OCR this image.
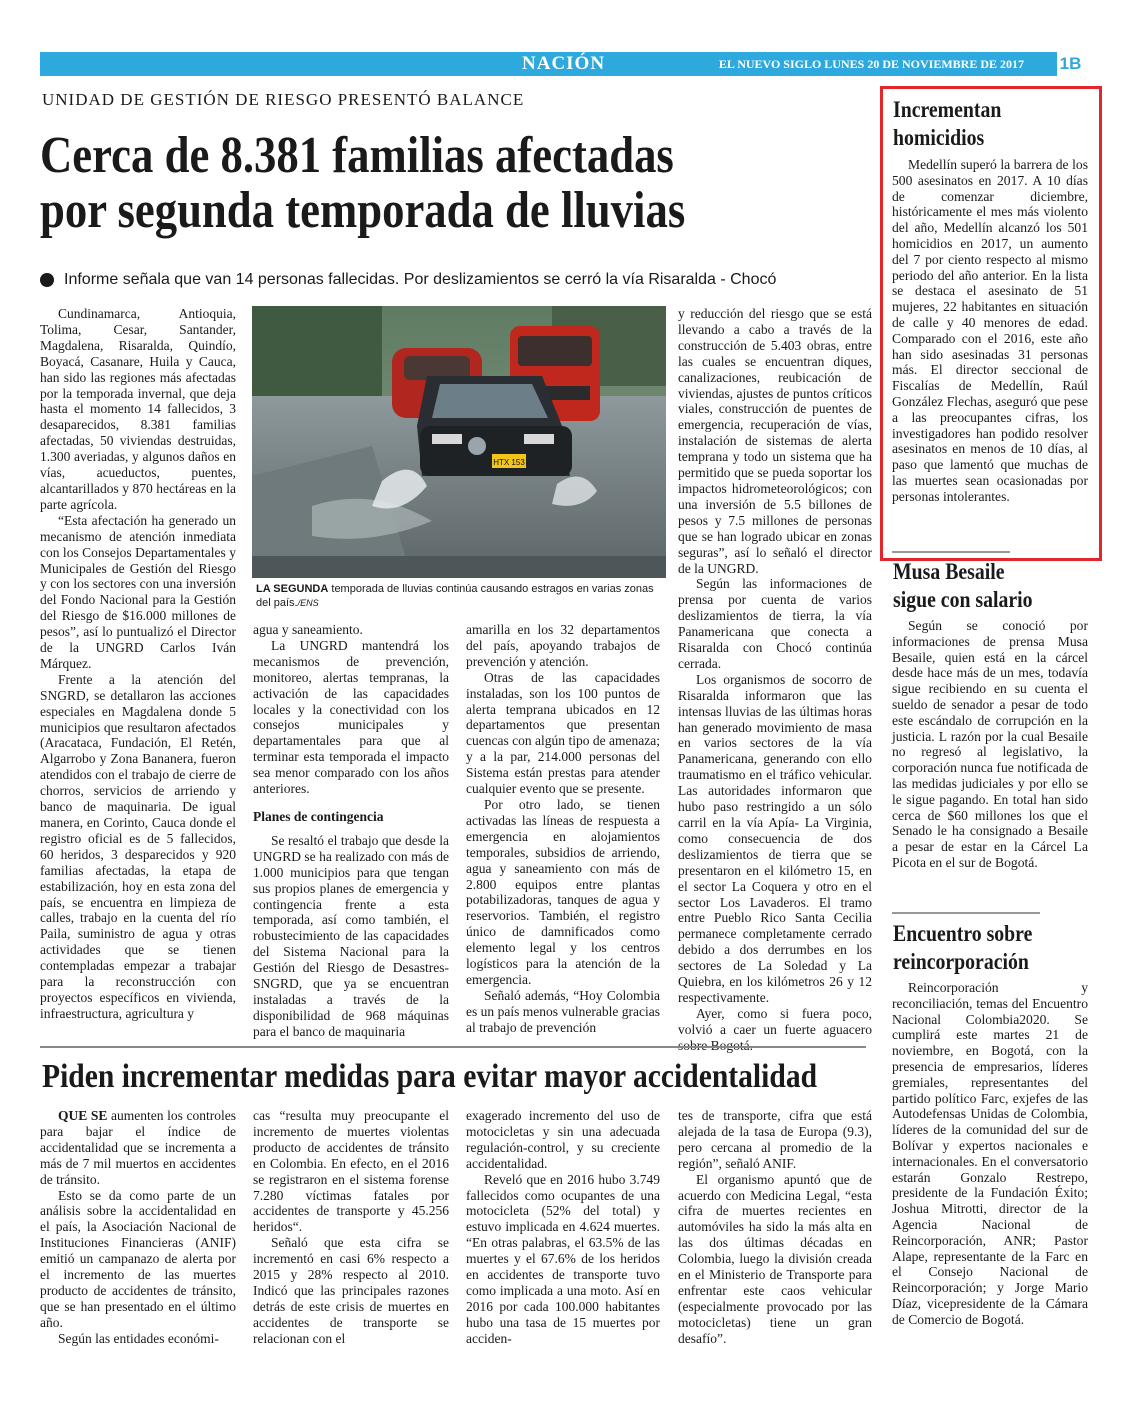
NACIÓN	EL NUEVO SIGLO LUNES 20 DE NOVIEMBRE DE 2017 1B
UNIDAD DE GESTIÓN DE RIESGO PRESENTÓ BALANCE
Cerca de 8.381 familias afectadas
por segunda temporada de lluvias
Informe señala que van 14 personas fallecidas. Por deslizamientos se cerró la vía Risaralda - Chocó

Cundinamarca, Antioquia, Tolima, Cesar, Santander, Magdalena, Risaralda, Quindío, Boyacá, Casanare, Huila y Cauca, han sido las regiones más afectadas por la temporada invernal, que deja hasta el momento 14 fallecidos, 3 desaparecidos, 8.381 familias afectadas, 50 viviendas destruidas, 1.300 averiadas, y algunos daños en vías, acueductos, puentes, alcantarillados y 870 hectáreas en la parte agrícola.

“Esta afectación ha generado un mecanismo de atención inmediata con los Consejos Departamentales y Municipales de Gestión del Riesgo y con los sectores con una inversión del Fondo Nacional para la Gestión del Riesgo de $16.000 millones de pesos”, así lo puntualizó el Director de la UNGRD Carlos Iván Márquez.

Frente a la atención del SNGRD, se detallaron las acciones especiales en Magdalena donde 5 municipios que resultaron afectados (Aracataca, Fundación, El Retén, Algarrobo y Zona Bananera, fueron atendidos con el trabajo de cierre de chorros, servicios de arriendo y banco de maquinaria. De igual manera, en Corinto, Cauca donde el registro oficial es de 5 fallecidos, 60 heridos, 3 desparecidos y 920 familias afectadas, la etapa de estabilización, hoy en esta zona del país, se encuentra en limpieza de calles, trabajo en la cuenta del río Paila, suministro de agua y otras actividades que se tienen contempladas empezar a trabajar para la reconstrucción con proyectos específicos en vivienda, infraestructura, agricultura y

HTX 153
LA SEGUNDA temporada de lluvias continúa causando estragos en varias zonas del país./ENS

agua y saneamiento.

La UNGRD mantendrá los mecanismos de prevención, monitoreo, alertas tempranas, la activación de las capacidades locales y la conectividad con los consejos municipales y departamentales para que al terminar esta temporada el impacto sea menor comparado con los años anteriores.

Planes de contingencia

Se resaltó el trabajo que desde la UNGRD se ha realizado con más de 1.000 municipios para que tengan sus propios planes de emergencia y contingencia frente a esta temporada, así como también, el robustecimiento de las capacidades del Sistema Nacional para la Gestión del Riesgo de Desastres- SNGRD, que ya se encuentran instaladas a través de la disponibilidad de 968 máquinas para el banco de maquinaria

amarilla en los 32 departamentos del país, apoyando trabajos de prevención y atención.

Otras de las capacidades instaladas, son los 100 puntos de alerta temprana ubicados en 12 departamentos que presentan cuencas con algún tipo de amenaza; y a la par, 214.000 personas del Sistema están prestas para atender cualquier evento que se presente.

Por otro lado, se tienen activadas las líneas de respuesta a emergencia en alojamientos temporales, subsidios de arriendo, agua y saneamiento con más de 2.800 equipos entre plantas potabilizadoras, tanques de agua y reservorios. También, el registro único de damnificados como elemento legal y los centros logísticos para la atención de la emergencia.

Señaló además, “Hoy Colombia es un país menos vulnerable gracias al trabajo de prevención

y reducción del riesgo que se está llevando a cabo a través de la construcción de 5.403 obras, entre las cuales se encuentran diques, canalizaciones, reubicación de viviendas, ajustes de puntos críticos viales, construcción de puentes de emergencia, recuperación de vías, instalación de sistemas de alerta temprana y todo un sistema que ha permitido que se pueda soportar los impactos hidrometeorológicos; con una inversión de 5.5 billones de pesos y 7.5 millones de personas que se han logrado ubicar en zonas seguras”, así lo señaló el director de la UNGRD.

Según las informaciones de prensa por cuenta de varios deslizamientos de tierra, la vía Panamericana que conecta a Risaralda con Chocó continúa cerrada.

Los organismos de socorro de Risaralda informaron que las intensas lluvias de las últimas horas han generado movimiento de masa en varios sectores de la vía Panamericana, generando con ello traumatismo en el tráfico vehicular. Las autoridades informaron que hubo paso restringido a un sólo carril en la vía Apía- La Virginia, como consecuencia de dos deslizamientos de tierra que se presentaron en el kilómetro 15, en el sector La Coquera y otro en el sector Los Lavaderos. El tramo entre Pueblo Rico Santa Cecilia permanece completamente cerrado debido a dos derrumbes en los sectores de La Soledad y La Quiebra, en los kilómetros 26 y 12 respectivamente.

Ayer, como si fuera poco, volvió a caer un fuerte aguacero

Piden incrementar medidas para evitar mayor accidentalidad

QUE SE aumenten los controles para bajar el índice de accidentalidad que se incrementa a más de 7 mil muertos en accidentes de tránsito.

Esto se da como parte de un análisis sobre la accidentalidad en el país, la Asociación Nacional de Instituciones Financieras (ANIF) emitió un campanazo de alerta por el incremento de las muertes producto de accidentes de tránsito, que se han presentado en el último año.

Según las entidades económi-

cas “resulta muy preocupante el incremento de muertes violentas producto de accidentes de tránsito en Colombia. En efecto, en el 2016 se registraron en el sistema forense 7.280 víctimas fatales por accidentes de transporte y 45.256 heridos“.

Señaló que esta cifra se incrementó en casi 6% respecto a 2015 y 28% respecto al 2010. Indicó que las principales razones detrás de este crisis de muertes en accidentes de transporte se relacionan con el

exagerado incremento del uso de motocicletas y sin una adecuada regulación-control, y su creciente accidentalidad.

Reveló que en 2016 hubo 3.749 fallecidos como ocupantes de una motocicleta (52% del total) y estuvo implicada en 4.624 muertes. “En otras palabras, el 63.5% de las muertes y el 67.6% de los heridos en accidentes de transporte tuvo como implicada a una moto. Así en 2016 por cada 100.000 habitantes hubo una tasa de 15 muertes por acciden-

tes de transporte, cifra que está alejada de la tasa de Europa (9.3), pero cercana al promedio de la región”, señaló ANIF.

El organismo apuntó que de acuerdo con Medicina Legal, “esta cifra de muertes recientes en automóviles ha sido la más alta en las dos últimas décadas en Colombia, luego la división creada en el Ministerio de Transporte para enfrentar este caos vehicular (especialmente provocado por las motocicletas) tiene un gran desafío”.

Incrementan
homicidios

Medellín superó la barrera de los 500 asesinatos en 2017. A 10 días de comenzar diciembre, históricamente el mes más violento del año, Medellín alcanzó los 501 homicidios en 2017, un aumento del 7 por ciento respecto al mismo periodo del año anterior. En la lista se destaca el asesinato de 51 mujeres, 22 habitantes en situación de calle y 40 menores de edad. Comparado con el 2016, este año han sido asesinadas 31 personas más. El director seccional de Fiscalías de Medellín, Raúl González Flechas, aseguró que pese a las preocupantes cifras, los investigadores han podido resolver asesinatos en menos de 10 días, al paso que lamentó que muchas de las muertes sean ocasionadas por personas intolerantes.

Musa Besaile
sigue con salario

Según se conoció por informaciones de prensa Musa Besaile, quien está en la cárcel desde hace más de un mes, todavía sigue recibiendo en su cuenta el sueldo de senador a pesar de todo este escándalo de corrupción en la justicia. L razón por la cual Besaile no regresó al legislativo, la corporación nunca fue notificada de las medidas judiciales y por ello se le sigue pagando. En total han sido cerca de $60 millones los que el Senado le ha consignado a Besaile a pesar de estar en la Cárcel La Picota en el sur de Bogotá.

Encuentro sobre
reincorporación

Reincorporación y reconciliación, temas del Encuentro Nacional Colombia2020. Se cumplirá este martes 21 de noviembre, en Bogotá, con la presencia de empresarios, líderes gremiales, representantes del partido político Farc, exjefes de las Autodefensas Unidas de Colombia, líderes de la comunidad del sur de Bolívar y expertos nacionales e internacionales. En el conversatorio estarán Gonzalo Restrepo, presidente de la Fundación Éxito; Joshua Mitrotti, director de la Agencia Nacional de Reincorporación, ANR; Pastor Alape, representante de la Farc en el Consejo Nacional de Reincorporación; y Jorge Mario Díaz, vicepresidente de la Cámara de Comercio de Bogotá.
